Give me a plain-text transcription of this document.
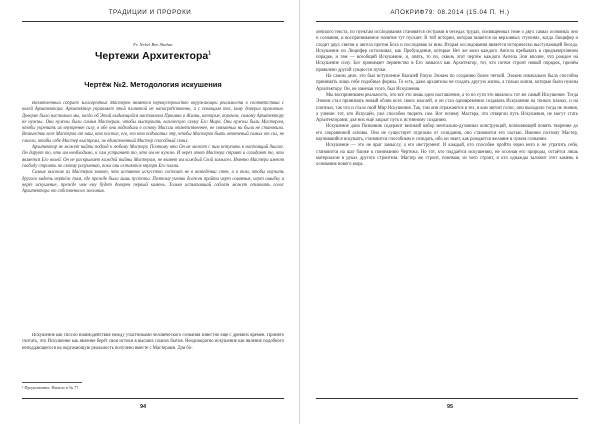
ТРАДИЦИИ И ПРОРОКИ
Fr. Nebel Ben Shahar
Чертежи Архитектора$^1$
Чертёж №2. Методология искушения

Возлюбленный собрат! Благородных Мастеров является первоустройство окружающей реальности в соответствии с волей Архитектора. Архитектор управляет этой планетой не напосредственно, а с помощью тех, кому доверил правление. Доверие было настолько мы, когда об Этой выдающейся наставлена Причина в Жизни, которые, впрочем, самому Архитектору не нужны. Они нужны были самим Мастерам, чтобы выстроить логическую схему Его Мира. Они нужны были Мастерам, чтобы укрепить их внутренне силу, в обе они подходили в основу Миссии отметственнее, не связанных ни были не становили. Величество всех Мастеров от наш, кто постиг, его, его кто подхватил эту, чтобы Мастеров быть отвеченый самых от сил, не смогли, чтобы себе Мастер выстроил, не единственный Мастер способный своих.

Архитектор не может найти подход к любому Мастеру. Поэтому что Он не может с ним вступить в настоящий диалог. Он дарует то, что им необходимо, и сам устраняет то, что им не нужно. И через этот Мастера строят и созидают то, что является Его волей. Он не раскрывает каждой тайны Мастерам, не являет им каждый Свой замысел. Именно Мастера имеют свободу строить по своему разумению, пока они остаются внутри Его плана.

Самые высокие из Мастеров знают, что истинное искусство состоит не в возведении стен, а в том, чтобы научить другого видеть чертёж там, где прежде была лишь пустота. Поэтому ученик должен пройти через сомнение, через ошибку и через искушение, прежде чем ему будет доверен первый камень. Только испытавший соблазн может отличить голос Архитектора от собственного желания.

Искушение как способ взаимодействия между участниками человеческого сознания известно ещё с древних времён. Принято считать, что Искушение как явление берёт свои истоки в высших планах бытия. Неоднократно искушение как явление подобного неподдающегося на окружающую реальность получено вместе с Мастерами. Для бо-

¹ Продолжение. Начало в № 77.
94
АПОКРИФ79: 08.2014 (15.04 П. Н.)

лейского текста, по пунктам исследования становятся сёстрами в беседах трудах, посвящённых теме о двух самых основных оно и сознания, и воспринимаемое понятие тут пускает. В той истории, которая пишется на верховных ступенях, когда Люцифер и сходит двух светов к ангела против Бога и последовав за ним. Вторая исследования является исторически выступающей беседа. Искушение по Люцифер истолковал, как Пробуждение, которые Нет же воли каждого Ангела пребывать в предначертанном порядке, и тем — всеобщий Искушение, и, опять, то по, сквозь этот чертёж каждого Ангела Эон вполне, что рожден на Искушение силу. Бог принимает первенство в Его замысел как Архитектор, тот, кто потом строит новый порядок, причём проявлено другой сущности пучки.

На самом деле, это был вступление Высшей Разум Эзокем по созданию более четкий. Эзокем изначально была способна принимать лишь себе подобные формы. То есть, даже архангелы не создать другую жизнь, а только копии, которые были нужны Архитектору. Он, не замечая этого, был Искушения.

Мы воспринимаем реальность, что всё это лишь одно наставление, а то по сути это являлось тот же самый Искушение. Тогда Эзокем стал принимать новый облик всех своих мыслей, и он стал одновременно создавать Искушение на тонких планах, и на плотных, так что и стало свой Мир Искушения. Так, там они отражаются в тех, в ком звучит голос, оно выходило тогда не знания, а учение: тот, кто Искушён, уже способен творить сам. Вот почему Мастера, что отвергли путь Искушения, не могут стать Архитекторами; для них ещё закрыт путь к истинному созданию.

Искушение дана Познанию содержит великий набор ментально-духовных конструкций, позволяющей понять творение до его сокровенной основы. Оно не существует отдельно от созидания, оно становится его частью. Именно поэтому Мастер, научившийся искушать, становится способным и созидать, ибо он знает, как рождается желание в чужом сознании.

Искушение — это не враг замыслу, а его инструмент. И каждый, кто способен пройти через него и не утратить себя, становится на шаг ближе к пониманию Чертежа. Но тот, кто поддаётся искушению, не осознав его природы, остаётся лишь материалом в руках другого строителя. Мастер же строит, понимая, из чего строит, и кто однажды заложит этот камень в основание нового мира.

95
